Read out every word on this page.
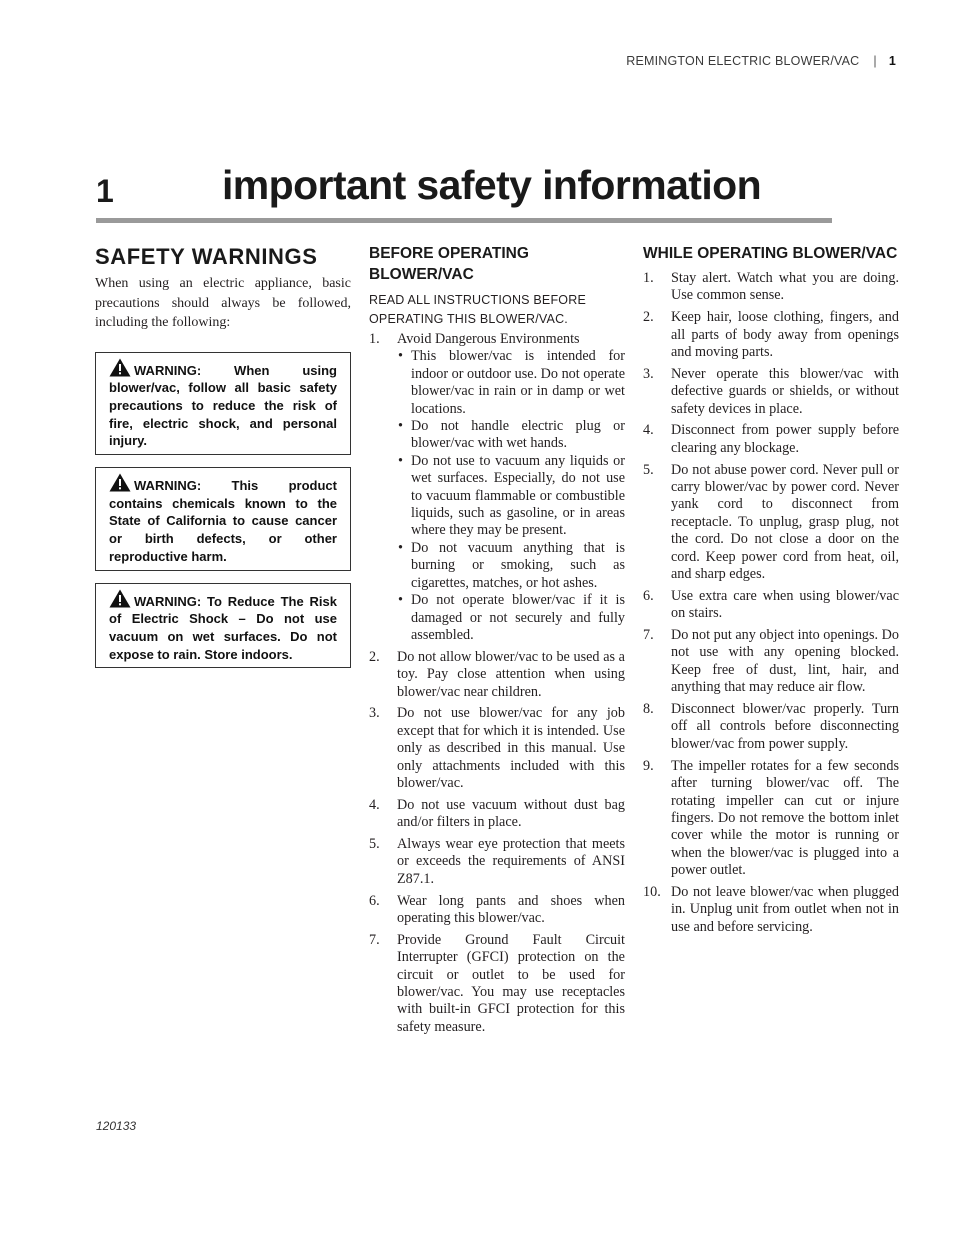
REMINGTON ELECTRIC BLOWER/VAC | 1
1	important safety information
SAFETY WARNINGS

When using an electric appliance, basic precautions should always be followed, including the following:

WARNING: When using blower/vac, follow all basic safety precautions to reduce the risk of fire, electric shock, and personal injury.
WARNING: This product contains chemicals known to the State of California to cause cancer or birth defects, or other reproductive harm.
WARNING: To Reduce The Risk of Electric Shock – Do not use vacuum on wet surfaces. Do not expose to rain. Store indoors.
BEFORE OPERATING BLOWER/VAC

READ ALL INSTRUCTIONS BEFORE OPERATING THIS BLOWER/VAC.

1. Avoid Dangerous Environments
• This blower/vac is intended for indoor or outdoor use. Do not operate blower/vac in rain or in damp or wet locations.
• Do not handle electric plug or blower/vac with wet hands.
• Do not use to vacuum any liquids or wet surfaces. Especially, do not use to vacuum flammable or combustible liquids, such as gasoline, or in areas where they may be present.
• Do not vacuum anything that is burning or smoking, such as cigarettes, matches, or hot ashes.
• Do not operate blower/vac if it is damaged or not securely and fully assembled.
2. Do not allow blower/vac to be used as a toy. Pay close attention when using blower/vac near children.
3. Do not use blower/vac for any job except that for which it is intended. Use only as described in this manual. Use only attachments included with this blower/vac.
4. Do not use vacuum without dust bag and/or filters in place.
5. Always wear eye protection that meets or exceeds the requirements of ANSI Z87.1.
6. Wear long pants and shoes when operating this blower/vac.
7. Provide Ground Fault Circuit Interrupter (GFCI) protection on the circuit or outlet to be used for blower/vac. You may use receptacles with built-in GFCI protection for this safety measure.
WHILE OPERATING BLOWER/VAC
1. Stay alert. Watch what you are doing. Use common sense.
2. Keep hair, loose clothing, fingers, and all parts of body away from openings and moving parts.
3. Never operate this blower/vac with defective guards or shields, or without safety devices in place.
4. Disconnect from power supply before clearing any blockage.
5. Do not abuse power cord. Never pull or carry blower/vac by power cord. Never yank cord to disconnect from receptacle. To unplug, grasp plug, not the cord. Do not close a door on the cord. Keep power cord from heat, oil, and sharp edges.
6. Use extra care when using blower/vac on stairs.
7. Do not put any object into openings. Do not use with any opening blocked. Keep free of dust, lint, hair, and anything that may reduce air flow.
8. Disconnect blower/vac properly. Turn off all controls before disconnecting blower/vac from power supply.
9. The impeller rotates for a few seconds after turning blower/vac off. The rotating impeller can cut or injure fingers. Do not remove the bottom inlet cover while the motor is running or when the blower/vac is plugged into a power outlet.
10. Do not leave blower/vac when plugged in. Unplug unit from outlet when not in use and before servicing.
120133
